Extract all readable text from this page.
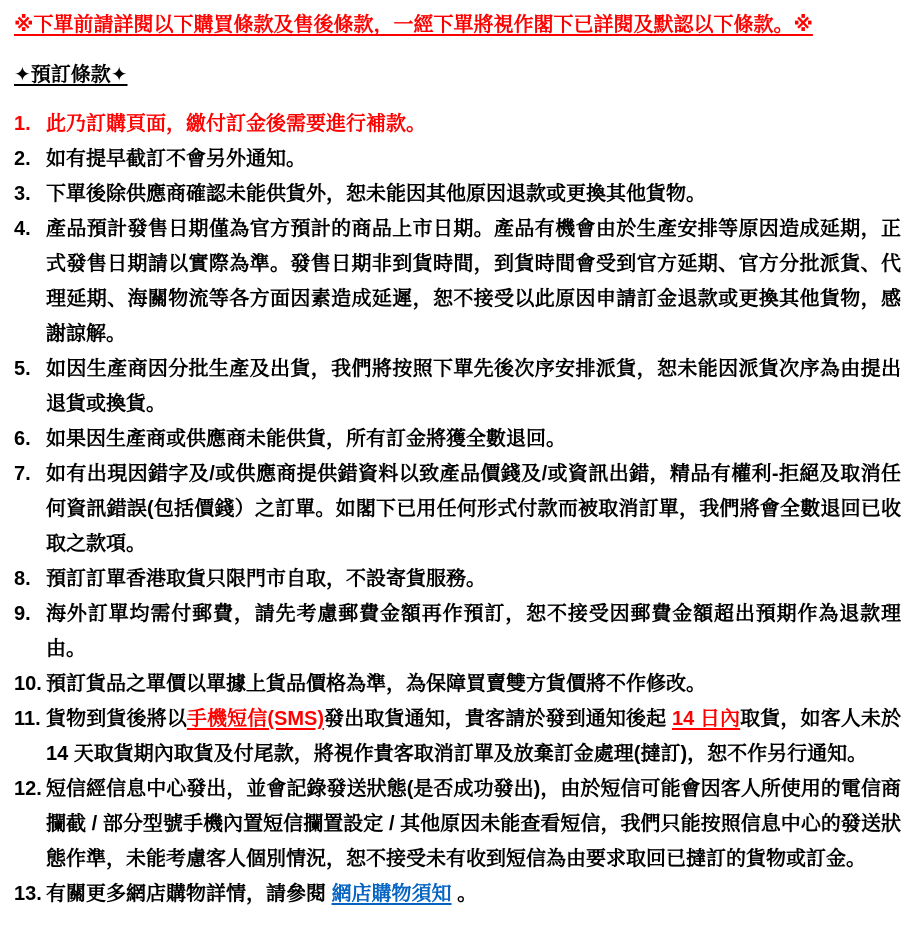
※下單前請詳閱以下購買條款及售後條款，一經下單將視作閣下已詳閱及默認以下條款。※

✦預訂條款✦

1. 此乃訂購頁面，繳付訂金後需要進行補款。
2. 如有提早截訂不會另外通知。
3. 下單後除供應商確認未能供貨外，恕未能因其他原因退款或更換其他貨物。
4. 產品預計發售日期僅為官方預計的商品上市日期。產品有機會由於生產安排等原因造成延期，正式發售日期請以實際為準。發售日期非到貨時間，到貨時間會受到官方延期、官方分批派貨、代理延期、海關物流等各方面因素造成延遲，恕不接受以此原因申請訂金退款或更換其他貨物，感謝諒解。
5. 如因生產商因分批生產及出貨，我們將按照下單先後次序安排派貨，恕未能因派貨次序為由提出退貨或換貨。
6. 如果因生產商或供應商未能供貨，所有訂金將獲全數退回。
7. 如有出現因錯字及/或供應商提供錯資料以致產品價錢及/或資訊出錯，精品有權利-拒絕及取消任何資訊錯誤(包括價錢）之訂單。如閣下已用任何形式付款而被取消訂單，我們將會全數退回已收取之款項。
8. 預訂訂單香港取貨只限門市自取，不設寄貨服務。
9. 海外訂單均需付郵費，請先考慮郵費金額再作預訂，恕不接受因郵費金額超出預期作為退款理由。
10. 預訂貨品之單價以單據上貨品價格為準，為保障買賣雙方貨價將不作修改。
11. 貨物到貨後將以手機短信(SMS)發出取貨通知，貴客請於發到通知後起 14 日內取貨，如客人未於 14 天取貨期內取貨及付尾款，將視作貴客取消訂單及放棄訂金處理(撻訂)，恕不作另行通知。
12. 短信經信息中心發出，並會記錄發送狀態(是否成功發出)，由於短信可能會因客人所使用的電信商攔截 / 部分型號手機內置短信攔置設定 / 其他原因未能查看短信，我們只能按照信息中心的發送狀態作準，未能考慮客人個別情況，恕不接受未有收到短信為由要求取回已撻訂的貨物或訂金。
13. 有關更多網店購物詳情，請參閱 網店購物須知 。
